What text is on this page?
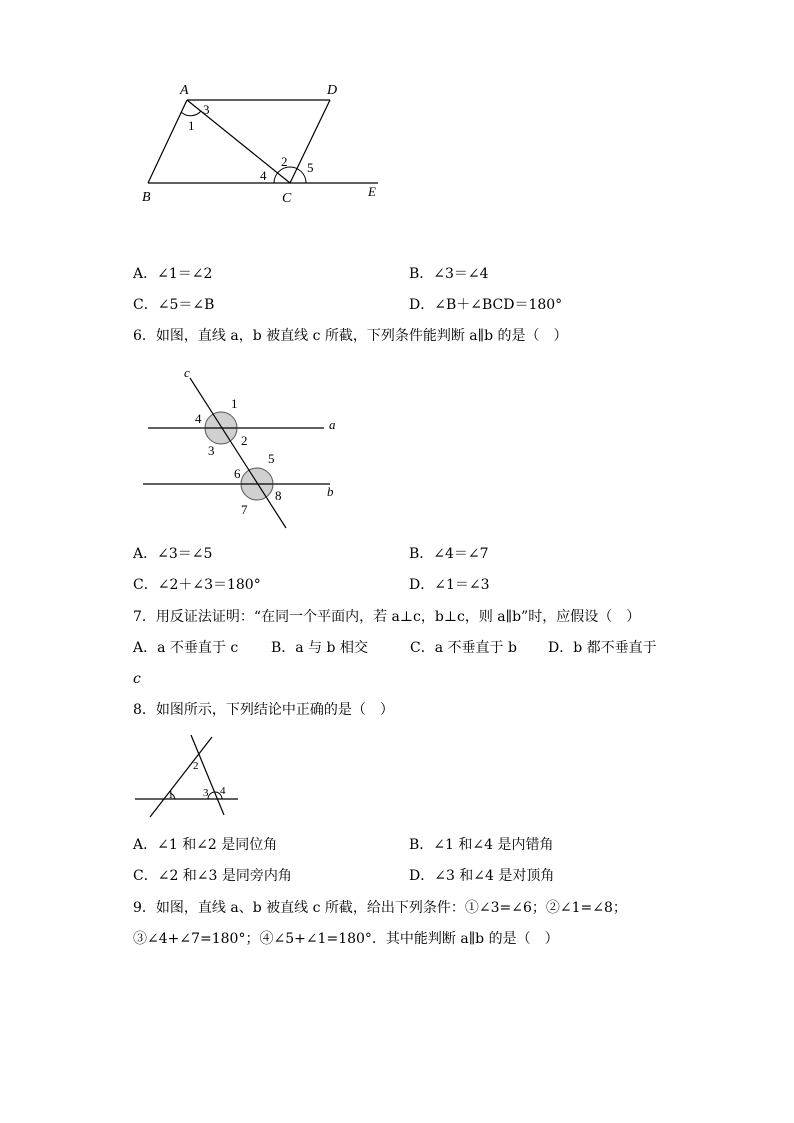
A	D
B	C	E
1
3
2
4
5
A．∠1＝∠2	B．∠3＝∠4
C．∠5＝∠B	D．∠B＋∠BCD＝180°
6．如图，直线 a，b 被直线 c 所截，下列条件能判断 a∥b 的是（　）
c
a
b
1
4
2
3
5
6
8
7
A．∠3＝∠5	B．∠4＝∠7
C．∠2＋∠3＝180°	D．∠1＝∠3
7．用反证法证明：“在同一个平面内，若 a⊥c，b⊥c，则 a∥b”时，应假设（　）
A．a 不垂直于 c B．a 与 b 相交	C．a 不垂直于 b D．b 都不垂直于
c
8．如图所示，下列结论中正确的是（　）
1
2
3 4
A．∠1 和∠2 是同位角	B．∠1 和∠4 是内错角
C．∠2 和∠3 是同旁内角	D．∠3 和∠4 是对顶角
9．如图，直线 a、b 被直线 c 所截，给出下列条件：①∠3=∠6；②∠1=∠8；
③∠4+∠7=180°；④∠5+∠1=180°．其中能判断 a∥b 的是（　）
